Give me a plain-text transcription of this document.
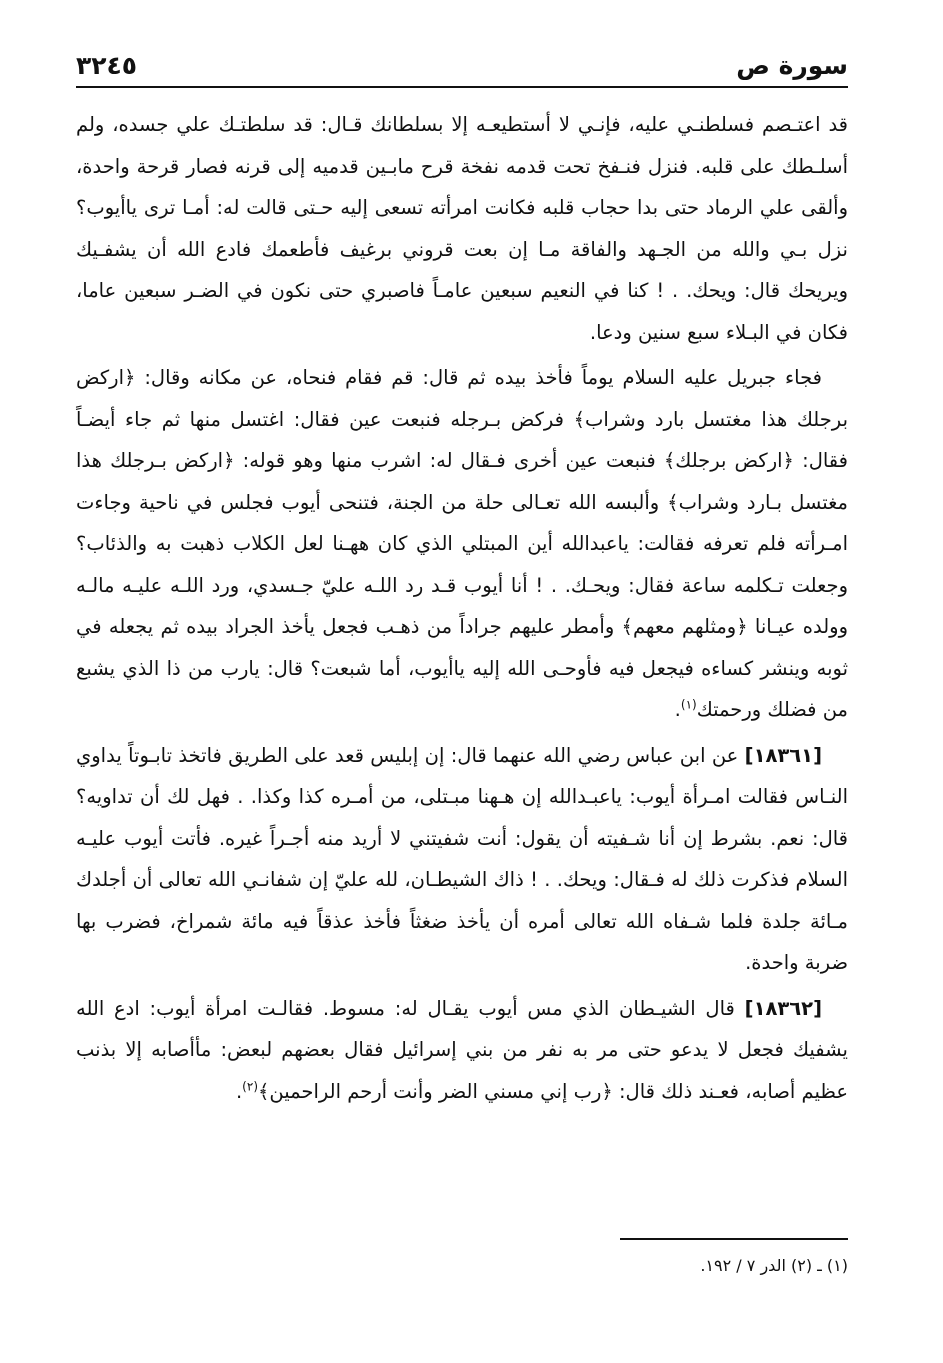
سورة ص
٣٢٤٥

قد اعتـصم فسلطنـي عليه، فإنـي لا أستطيعـه إلا بسلطانك قـال: قد سلطتـك علي جسده، ولم أسلـطك على قلبه. فنزل فنـفخ تحت قدمه نفخة قرح مابـين قدميه إلى قرنه فصار قرحة واحدة، وألقى علي الرماد حتى بدا حجاب قلبه فكانت امرأته تسعى إليه حـتى قالت له: أمـا ترى ياأيوب؟ نزل بـي والله من الجـهد والفاقة مـا إن بعت قروني برغيف فأطعمك فادع الله أن يشفـيك ويريحك قال: ويحك. . ! كنا في النعيم سبعين عامـاً فاصبري حتى نكون في الضـر سبعين عاما، فكان في البـلاء سبع سنين ودعا.

فجاء جبريل عليه السلام يوماً فأخذ بيده ثم قال: قم فقام فنحاه، عن مكانه وقال: ﴿اركض برجلك هذا مغتسل بارد وشراب﴾ فركض بـرجله فنبعت عين فقال: اغتسل منها ثم جاء أيضـاً فقال: ﴿اركض برجلك﴾ فنبعت عين أخرى فـقال له: اشرب منها وهو قوله: ﴿اركض بـرجلك هذا مغتسل بـارد وشراب﴾ وألبسه الله تعـالى حلة من الجنة، فتنحى أيوب فجلس في ناحية وجاءت امـرأته فلم تعرفه فقالت: ياعبدالله أين المبتلي الذي كان ههـنا لعل الكلاب ذهبت به والذئاب؟ وجعلت تـكلمه ساعة فقال: ويحـك. . ! أنا أيوب قـد رد اللـه عليّ جـسدي، ورد اللـه عليـه مالـه وولده عيـانا ﴿ومثلهم معهم﴾ وأمطر عليهم جراداً من ذهـب فجعل يأخذ الجراد بيده ثم يجعله في ثوبه وينشر كساءه فيجعل فيه فأوحـى الله إليه ياأيوب، أما شبعت؟ قال: يارب من ذا الذي يشبع من فضلك ورحمتك$^{(١)}$.

[١٨٣٦١] عن ابن عباس رضي الله عنهما قال: إن إبليس قعد على الطريق فاتخذ تابـوتاً يداوي النـاس فقالت امـرأة أيوب: ياعبـدالله إن هـهنا مبـتلى، من أمـره كذا وكذا. . فهل لك أن تداويه؟ قال: نعم. بشرط إن أنا شـفيته أن يقول: أنت شفيتني لا أريد منه أجـراً غيره. فأتت أيوب عليـه السلام فذكرت ذلك له فـقال: ويحك. . ! ذاك الشيطـان، لله عليّ إن شفانـي الله تعالى أن أجلدك مـائة جلدة فلما شـفاه الله تعالى أمره أن يأخذ ضغثاً فأخذ عذقاً فيه مائة شمراخ، فضرب بها ضربة واحدة.

[١٨٣٦٢] قال الشيـطان الذي مس أيوب يقـال له: مسوط. فقالـت امرأة أيوب: ادع الله يشفيك فجعل لا يدعو حتى مر به نفر من بني إسرائيل فقال بعضهم لبعض: مأأصابه إلا بذنب عظيم أصابه، فعـند ذلك قال: ﴿رب إني مسني الضر وأنت أرحم الراحمين﴾$^{(٢)}$.

(١) ـ (٢) الدر ٧ / ١٩٢.
